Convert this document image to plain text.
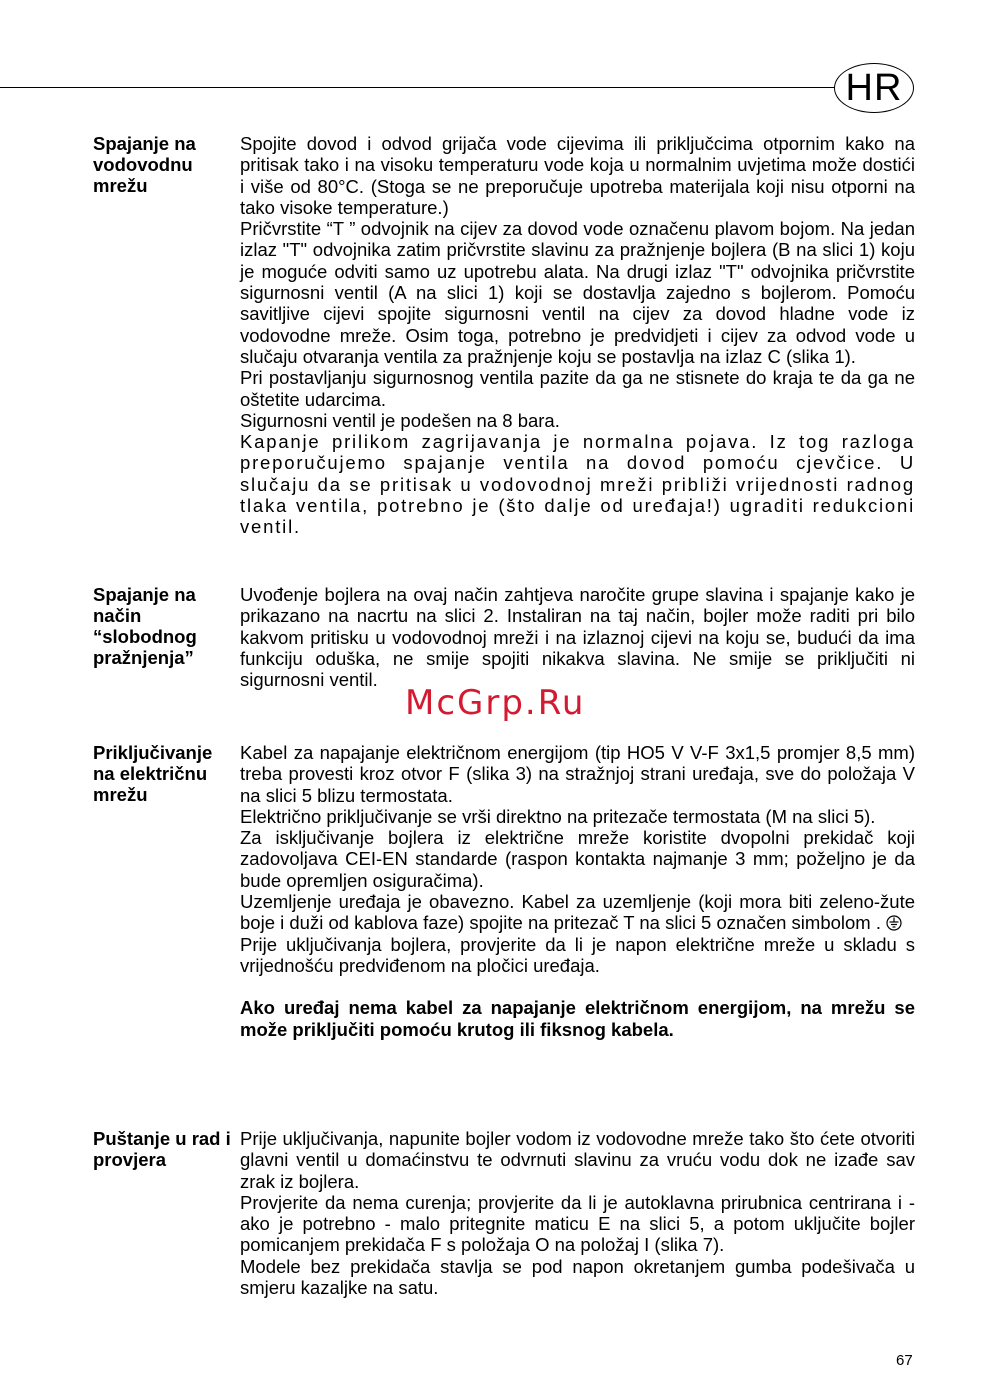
HR
Spajanje na vodovodnu mrežu

Spojite dovod i odvod grijača vode cijevima ili priključcima otpornim kako na pritisak tako i na visoku temperaturu vode koja u normalnim uvjetima može dostići i više od 80°C. (Stoga se ne preporučuje upotreba materijala koji nisu otporni na tako visoke temperature.)

Pričvrstite “T ” odvojnik na cijev za dovod vode označenu plavom bojom. Na jedan izlaz "T" odvojnika zatim pričvrstite slavinu za pražnjenje bojlera (B na slici 1) koju je moguće odviti samo uz upotrebu alata. Na drugi izlaz "T" odvojnika pričvrstite sigurnosni ventil (A na slici 1) koji se dostavlja zajedno s bojlerom. Pomoću savitljive cijevi spojite sigurnosni ventil na cijev za dovod hladne vode iz vodovodne mreže. Osim toga, potrebno je predvidjeti i cijev za odvod vode u slučaju otvaranja ventila za pražnjenje koju se postavlja na izlaz C (slika 1).

Pri postavljanju sigurnosnog ventila pazite da ga ne stisnete do kraja te da ga ne oštetite udarcima.

Sigurnosni ventil je podešen na 8 bara.

Kapanje prilikom zagrijavanja je normalna pojava. Iz tog razloga preporučujemo spajanje ventila na dovod pomoću cjevčice. U slučaju da se pritisak u vodovodnoj mreži približi vrijednosti radnog tlaka ventila, potrebno je (što dalje od uređaja!) ugraditi redukcioni ventil.

Spajanje na način “slobodnog pražnjenja”

Uvođenje bojlera na ovaj način zahtjeva naročite grupe slavina i spajanje kako je prikazano na nacrtu na slici 2. Instaliran na taj način, bojler može raditi pri bilo kakvom pritisku u vodovodnoj mreži i na izlaznoj cijevi na koju se, budući da ima funkciju oduška, ne smije spojiti nikakva slavina. Ne smije se priključiti ni sigurnosni ventil.

McGrp.Ru
Priključivanje na električnu mrežu

Kabel za napajanje električnom energijom (tip HO5 V V-F 3x1,5 promjer 8,5 mm) treba provesti kroz otvor F (slika 3) na stražnjoj strani uređaja, sve do položaja V na slici 5 blizu termostata.

Električno priključivanje se vrši direktno na pritezače termostata (M na slici 5).

Za isključivanje bojlera iz električne mreže koristite dvopolni prekidač koji zadovoljava CEI-EN standarde (raspon kontakta najmanje 3 mm; poželjno je da bude opremljen osiguračima).

Uzemljenje uređaja je obavezno. Kabel za uzemljenje (koji mora biti zeleno-žute boje i duži od kablova faze) spojite na pritezač T na slici 5 označen simbolom .

Prije uključivanja bojlera, provjerite da li je napon električne mreže u skladu s vrijednošću predviđenom na pločici uređaja.

Ako uređaj nema kabel za napajanje električnom energijom, na mrežu se može priključiti pomoću krutog ili fiksnog kabela.

Puštanje u rad i provjera

Prije uključivanja, napunite bojler vodom iz vodovodne mreže tako što ćete otvoriti glavni ventil u domaćinstvu te odvrnuti slavinu za vruću vodu dok ne izađe sav zrak iz bojlera.

Provjerite da nema curenja; provjerite da li je autoklavna prirubnica centrirana i - ako je potrebno - malo pritegnite maticu E na slici 5, a potom uključite bojler pomicanjem prekidača F s položaja O na položaj I (slika 7).

Modele bez prekidača stavlja se pod napon okretanjem gumba podešivača u smjeru kazaljke na satu.

67
